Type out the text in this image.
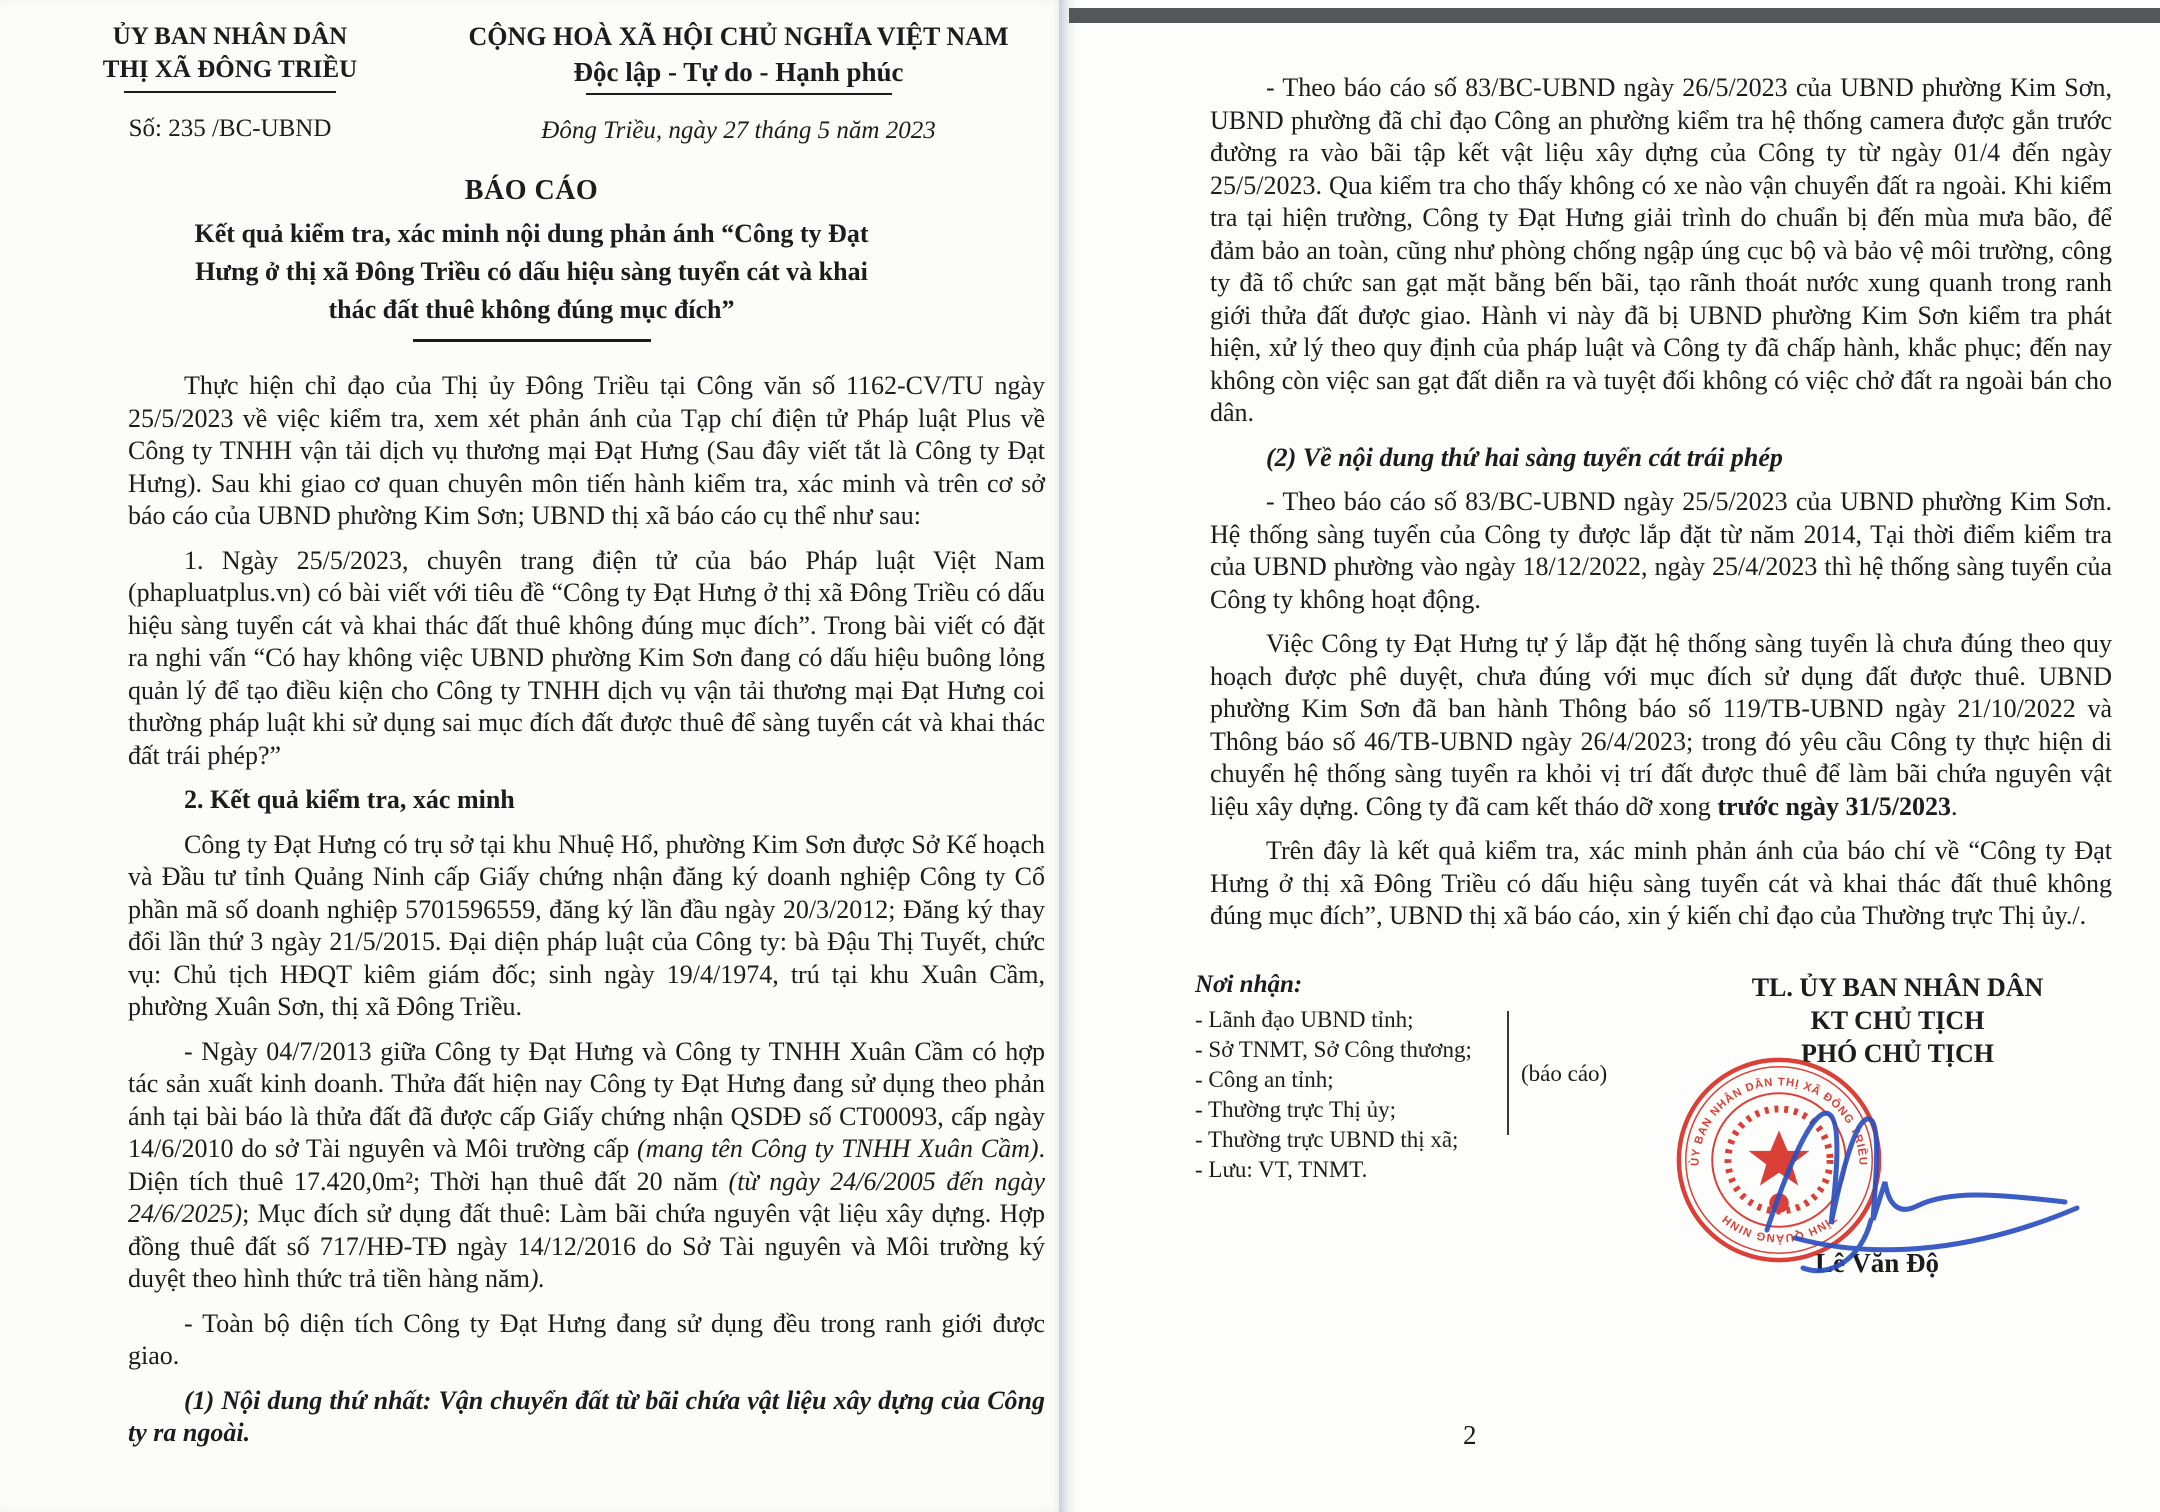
ỦY BAN NHÂN DÂN
THỊ XÃ ĐÔNG TRIỀU
Số: 235 /BC-UBND
CỘNG HOÀ XÃ HỘI CHỦ NGHĨA VIỆT NAM
Độc lập - Tự do - Hạnh phúc
Đông Triều, ngày 27 tháng 5 năm 2023
BÁO CÁO
Kết quả kiểm tra, xác minh nội dung phản ánh “Công ty Đạt Hưng ở thị xã Đông Triều có dấu hiệu sàng tuyển cát và khai thác đất thuê không đúng mục đích”

Thực hiện chỉ đạo của Thị ủy Đông Triều tại Công văn số 1162-CV/TU ngày 25/5/2023 về việc kiểm tra, xem xét phản ánh của Tạp chí điện tử Pháp luật Plus về Công ty TNHH vận tải dịch vụ thương mại Đạt Hưng (Sau đây viết tắt là Công ty Đạt Hưng). Sau khi giao cơ quan chuyên môn tiến hành kiểm tra, xác minh và trên cơ sở báo cáo của UBND phường Kim Sơn; UBND thị xã báo cáo cụ thể như sau:

1. Ngày 25/5/2023, chuyên trang điện tử của báo Pháp luật Việt Nam (phapluatplus.vn) có bài viết với tiêu đề “Công ty Đạt Hưng ở thị xã Đông Triều có dấu hiệu sàng tuyển cát và khai thác đất thuê không đúng mục đích”. Trong bài viết có đặt ra nghi vấn “Có hay không việc UBND phường Kim Sơn đang có dấu hiệu buông lỏng quản lý để tạo điều kiện cho Công ty TNHH dịch vụ vận tải thương mại Đạt Hưng coi thường pháp luật khi sử dụng sai mục đích đất được thuê để sàng tuyển cát và khai thác đất trái phép?”

2. Kết quả kiểm tra, xác minh

Công ty Đạt Hưng có trụ sở tại khu Nhuệ Hổ, phường Kim Sơn được Sở Kế hoạch và Đầu tư tỉnh Quảng Ninh cấp Giấy chứng nhận đăng ký doanh nghiệp Công ty Cổ phần mã số doanh nghiệp 5701596559, đăng ký lần đầu ngày 20/3/2012; Đăng ký thay đổi lần thứ 3 ngày 21/5/2015. Đại diện pháp luật của Công ty: bà Đậu Thị Tuyết, chức vụ: Chủ tịch HĐQT kiêm giám đốc; sinh ngày 19/4/1974, trú tại khu Xuân Cầm, phường Xuân Sơn, thị xã Đông Triều.

- Ngày 04/7/2013 giữa Công ty Đạt Hưng và Công ty TNHH Xuân Cầm có hợp tác sản xuất kinh doanh. Thửa đất hiện nay Công ty Đạt Hưng đang sử dụng theo phản ánh tại bài báo là thửa đất đã được cấp Giấy chứng nhận QSDĐ số CT00093, cấp ngày 14/6/2010 do sở Tài nguyên và Môi trường cấp (mang tên Công ty TNHH Xuân Cầm). Diện tích thuê 17.420,0m²; Thời hạn thuê đất 20 năm (từ ngày 24/6/2005 đến ngày 24/6/2025); Mục đích sử dụng đất thuê: Làm bãi chứa nguyên vật liệu xây dựng. Hợp đồng thuê đất số 717/HĐ-TĐ ngày 14/12/2016 do Sở Tài nguyên và Môi trường ký duyệt theo hình thức trả tiền hàng năm).

- Toàn bộ diện tích Công ty Đạt Hưng đang sử dụng đều trong ranh giới được giao.

(1) Nội dung thứ nhất: Vận chuyển đất từ bãi chứa vật liệu xây dựng của Công ty ra ngoài.

- Theo báo cáo số 83/BC-UBND ngày 26/5/2023 của UBND phường Kim Sơn, UBND phường đã chỉ đạo Công an phường kiểm tra hệ thống camera được gắn trước đường ra vào bãi tập kết vật liệu xây dựng của Công ty từ ngày 01/4 đến ngày 25/5/2023. Qua kiểm tra cho thấy không có xe nào vận chuyển đất ra ngoài. Khi kiểm tra tại hiện trường, Công ty Đạt Hưng giải trình do chuẩn bị đến mùa mưa bão, để đảm bảo an toàn, cũng như phòng chống ngập úng cục bộ và bảo vệ môi trường, công ty đã tổ chức san gạt mặt bằng bến bãi, tạo rãnh thoát nước xung quanh trong ranh giới thửa đất được giao. Hành vi này đã bị UBND phường Kim Sơn kiểm tra phát hiện, xử lý theo quy định của pháp luật và Công ty đã chấp hành, khắc phục; đến nay không còn việc san gạt đất diễn ra và tuyệt đối không có việc chở đất ra ngoài bán cho dân.

(2) Về nội dung thứ hai sàng tuyển cát trái phép

- Theo báo cáo số 83/BC-UBND ngày 25/5/2023 của UBND phường Kim Sơn. Hệ thống sàng tuyển của Công ty được lắp đặt từ năm 2014, Tại thời điểm kiểm tra của UBND phường vào ngày 18/12/2022, ngày 25/4/2023 thì hệ thống sàng tuyển của Công ty không hoạt động.

Việc Công ty Đạt Hưng tự ý lắp đặt hệ thống sàng tuyển là chưa đúng theo quy hoạch được phê duyệt, chưa đúng với mục đích sử dụng đất được thuê. UBND phường Kim Sơn đã ban hành Thông báo số 119/TB-UBND ngày 21/10/2022 và Thông báo số 46/TB-UBND ngày 26/4/2023; trong đó yêu cầu Công ty thực hiện di chuyển hệ thống sàng tuyển ra khỏi vị trí đất được thuê để làm bãi chứa nguyên vật liệu xây dựng. Công ty đã cam kết tháo dỡ xong trước ngày 31/5/2023.

Trên đây là kết quả kiểm tra, xác minh phản ánh của báo chí về “Công ty Đạt Hưng ở thị xã Đông Triều có dấu hiệu sàng tuyển cát và khai thác đất thuê không đúng mục đích”, UBND thị xã báo cáo, xin ý kiến chỉ đạo của Thường trực Thị ủy./.

Nơi nhận:
- Lãnh đạo UBND tỉnh;
- Sở TNMT, Sở Công thương;
- Công an tỉnh;
- Thường trực Thị ủy;
- Thường trực UBND thị xã;
- Lưu: VT, TNMT.
(báo cáo)
TL. ỦY BAN NHÂN DÂN
KT CHỦ TỊCH
PHÓ CHỦ TỊCH
ỦY BAN NHÂN DÂN THỊ XÃ ĐÔNG TRIỀU
TỈNH QUẢNG NINH
Lê Văn Độ
2
